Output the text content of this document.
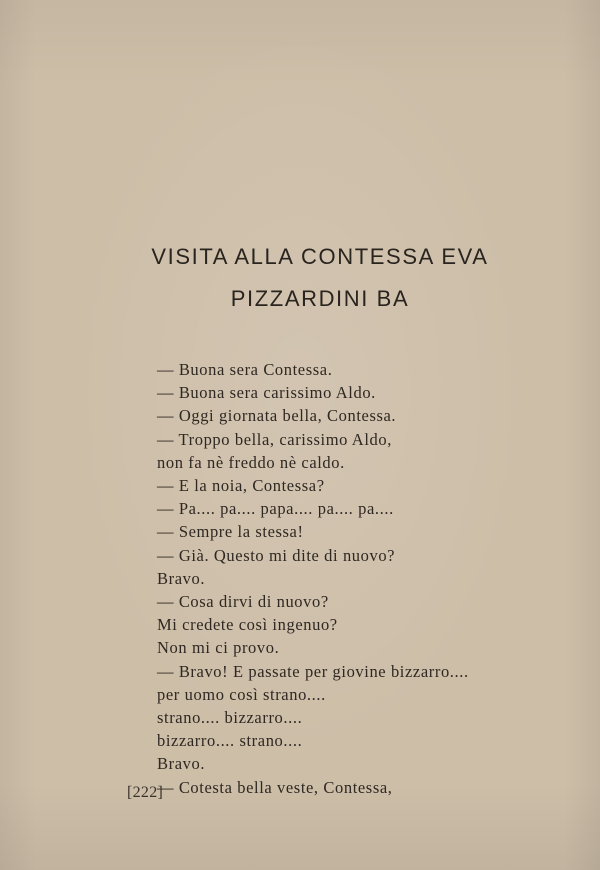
VISITA ALLA CONTESSA EVA
PIZZARDINI BA
— Buona sera Contessa.
— Buona sera carissimo Aldo.
— Oggi giornata bella, Contessa.
— Troppo bella, carissimo Aldo,
non fa nè freddo nè caldo.
— E la noia, Contessa?
— Pa.... pa.... papa.... pa.... pa....
— Sempre la stessa!
— Già. Questo mi dite di nuovo?
Bravo.
— Cosa dirvi di nuovo?
Mi credete così ingenuo?
Non mi ci provo.
— Bravo! E passate per giovine bizzarro....
per uomo così strano....
strano.... bizzarro....
bizzarro.... strano....
Bravo.
— Cotesta bella veste, Contessa,
[222]
